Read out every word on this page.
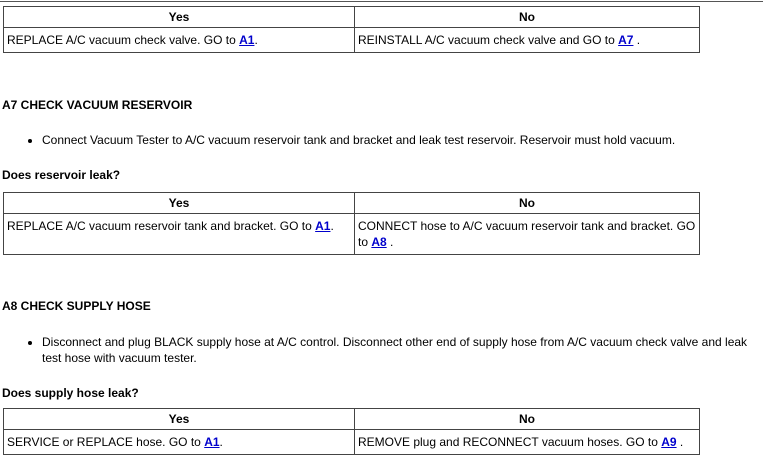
Yes	No
REPLACE A/C vacuum check valve. GO to A1.	REINSTALL A/C vacuum check valve and GO to A7 .
A7 CHECK VACUUM RESERVOIR
• Connect Vacuum Tester to A/C vacuum reservoir tank and bracket and leak test reservoir. Reservoir must hold vacuum.

Does reservoir leak?

Yes	No
REPLACE A/C vacuum reservoir tank and bracket. GO to A1.	CONNECT hose to A/C vacuum reservoir tank and bracket. GO to A8 .
A8 CHECK SUPPLY HOSE
• Disconnect and plug BLACK supply hose at A/C control. Disconnect other end of supply hose from A/C vacuum check valve and leak test hose with vacuum tester.

Does supply hose leak?

Yes	No
SERVICE or REPLACE hose. GO to A1.	REMOVE plug and RECONNECT vacuum hoses. GO to A9 .
